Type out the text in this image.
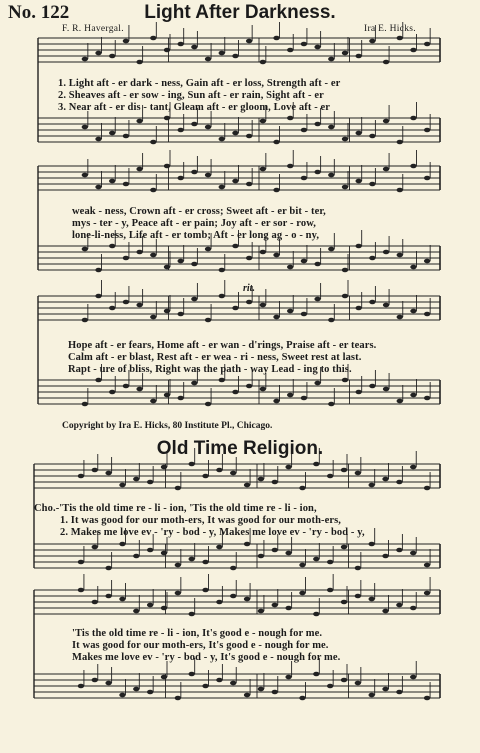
No. 122	Light After Darkness.
F. R. Havergal.	Ira E. Hicks.
1. Light aft - er dark - ness, Gain aft - er loss, Strength aft - er
2. Sheaves aft - er sow - ing, Sun aft - er rain, Sight aft - er
3. Near aft - er dis - tant, Gleam aft - er gloom, Love aft - er
weak - ness, Crown aft - er cross; Sweet aft - er bit - ter,
mys - ter - y, Peace aft - er pain; Joy aft - er sor - row,
lone-li-ness, Life aft - er tomb; Aft - er long ag - o - ny,
rit.
Hope aft - er fears, Home aft - er wan - d'rings, Praise aft - er tears.
Calm aft - er blast, Rest aft - er wea - ri - ness, Sweet rest at last.
Rapt - ure of bliss, Right was the path - way Lead - ing to this.
Copyright by Ira E. Hicks, 80 Institute Pl., Chicago.
Old Time Religion.
Cho.-'Tis the old time re - li - ion, 'Tis the old time re - li - ion,
1. It was good for our moth-ers, It was good for our moth-ers,
2. Makes me love ev - 'ry - bod - y, Makes me love ev - 'ry - bod - y,
'Tis the old time re - li - ion, It's good e - nough for me.
It was good for our moth-ers, It's good e - nough for me.
Makes me love ev - 'ry - bod - y, It's good e - nough for me.
